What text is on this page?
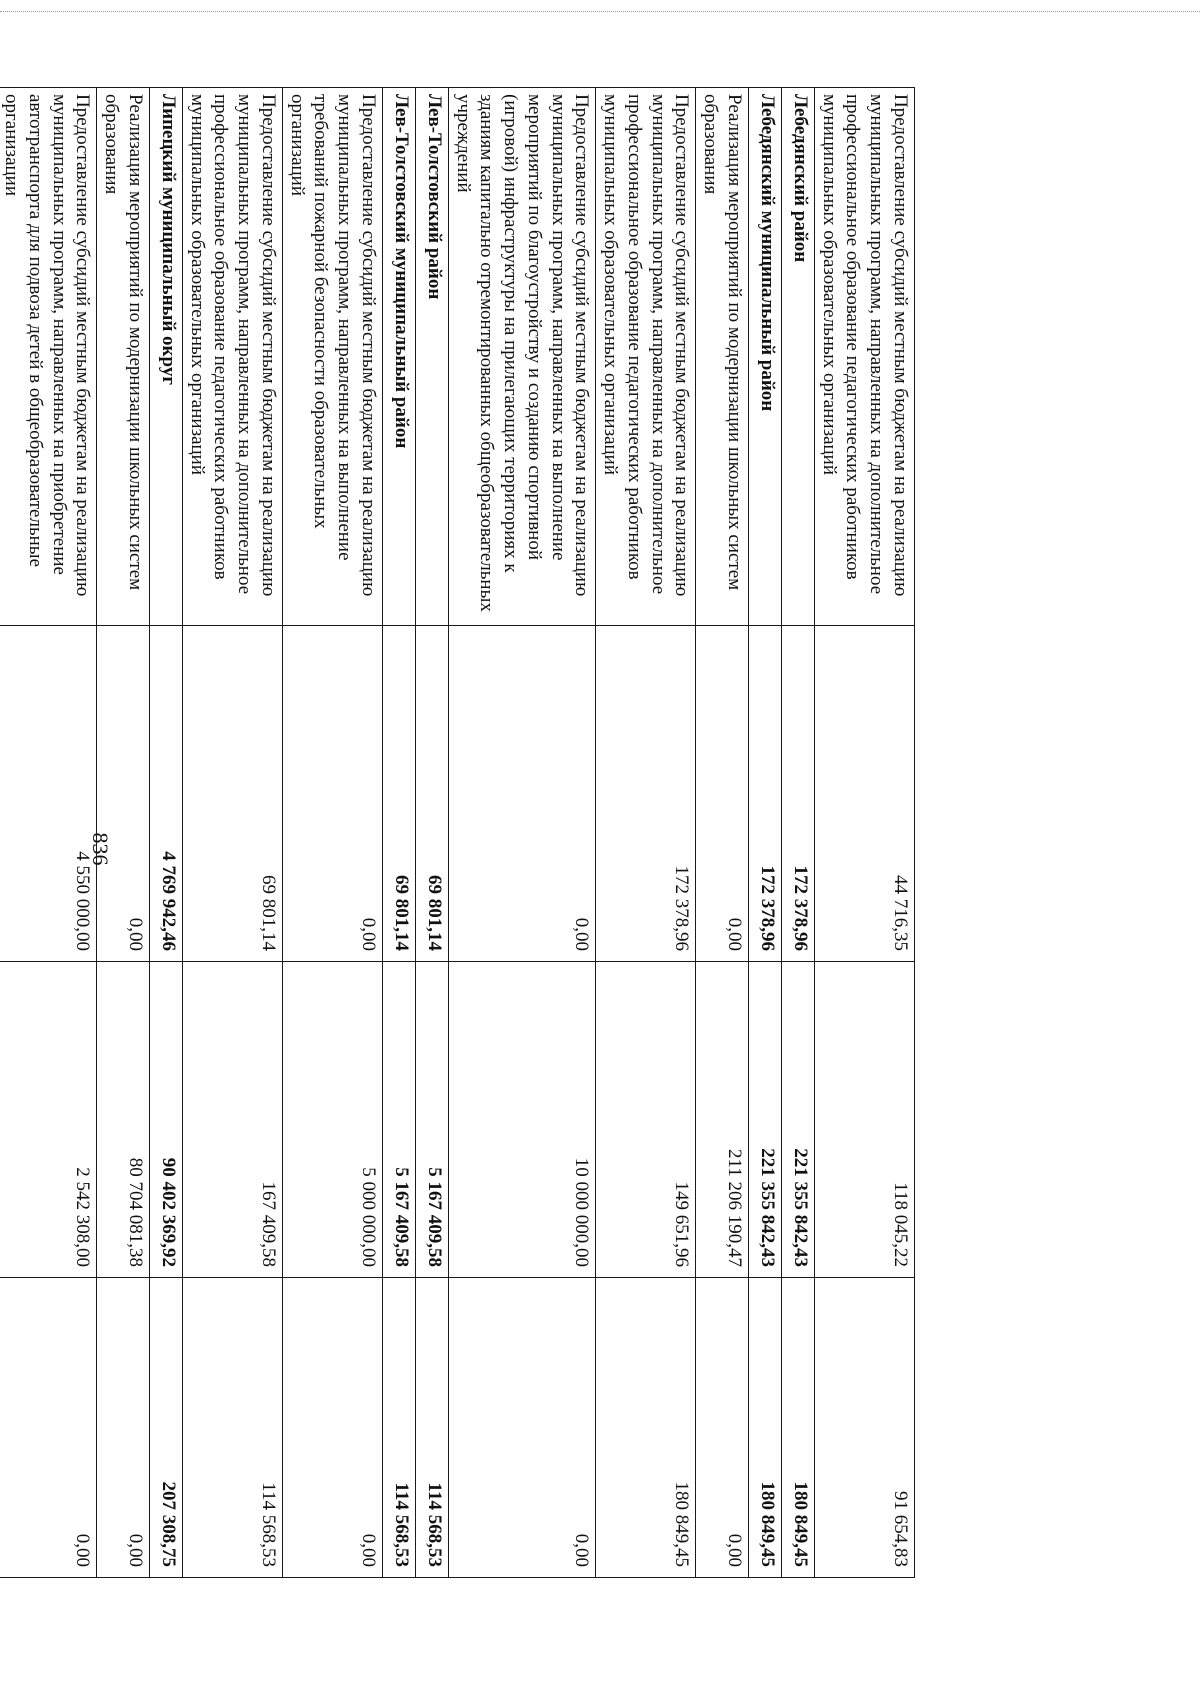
836
Предоставление субсидий местным бюджетам на реализацию муниципальных программ, направленных на дополнительное профессиональное образование педагогических работников муниципальных образовательных организаций	44 716,35	118 045,22	91 654,83
Лебедянский район	172 378,96	221 355 842,43	180 849,45
Лебедянский муниципальный район	172 378,96	221 355 842,43	180 849,45
Реализация мероприятий по модернизации школьных систем образования	0,00	211 206 190,47	0,00
Предоставление субсидий местным бюджетам на реализацию муниципальных программ, направленных на дополнительное профессиональное образование педагогических работников муниципальных образовательных организаций	172 378,96	149 651,96	180 849,45
Предоставление субсидий местным бюджетам на реализацию муниципальных программ, направленных на выполнение мероприятий по благоустройству и созданию спортивной (игровой) инфраструктуры на прилегающих территориях к зданиям капитально отремонтированных общеобразовательных учреждений	0,00	10 000 000,00	0,00
Лев-Толстовский район	69 801,14	5 167 409,58	114 568,53
Лев-Толстовский муниципальный район	69 801,14	5 167 409,58	114 568,53
Предоставление субсидий местным бюджетам на реализацию муниципальных программ, направленных на выполнение требований пожарной безопасности образовательных организаций	0,00	5 000 000,00	0,00
Предоставление субсидий местным бюджетам на реализацию муниципальных программ, направленных на дополнительное профессиональное образование педагогических работников муниципальных образовательных организаций	69 801,14	167 409,58	114 568,53
Липецкий муниципальный округ	4 769 942,46	90 402 369,92	207 308,75
Реализация мероприятий по модернизации школьных систем образования	0,00	80 704 081,38	0,00
Предоставление субсидий местным бюджетам на реализацию муниципальных программ, направленных на приобретение автотранспорта для подвоза детей в общеобразовательные организации	4 550 000,00	2 542 308,00	0,00
